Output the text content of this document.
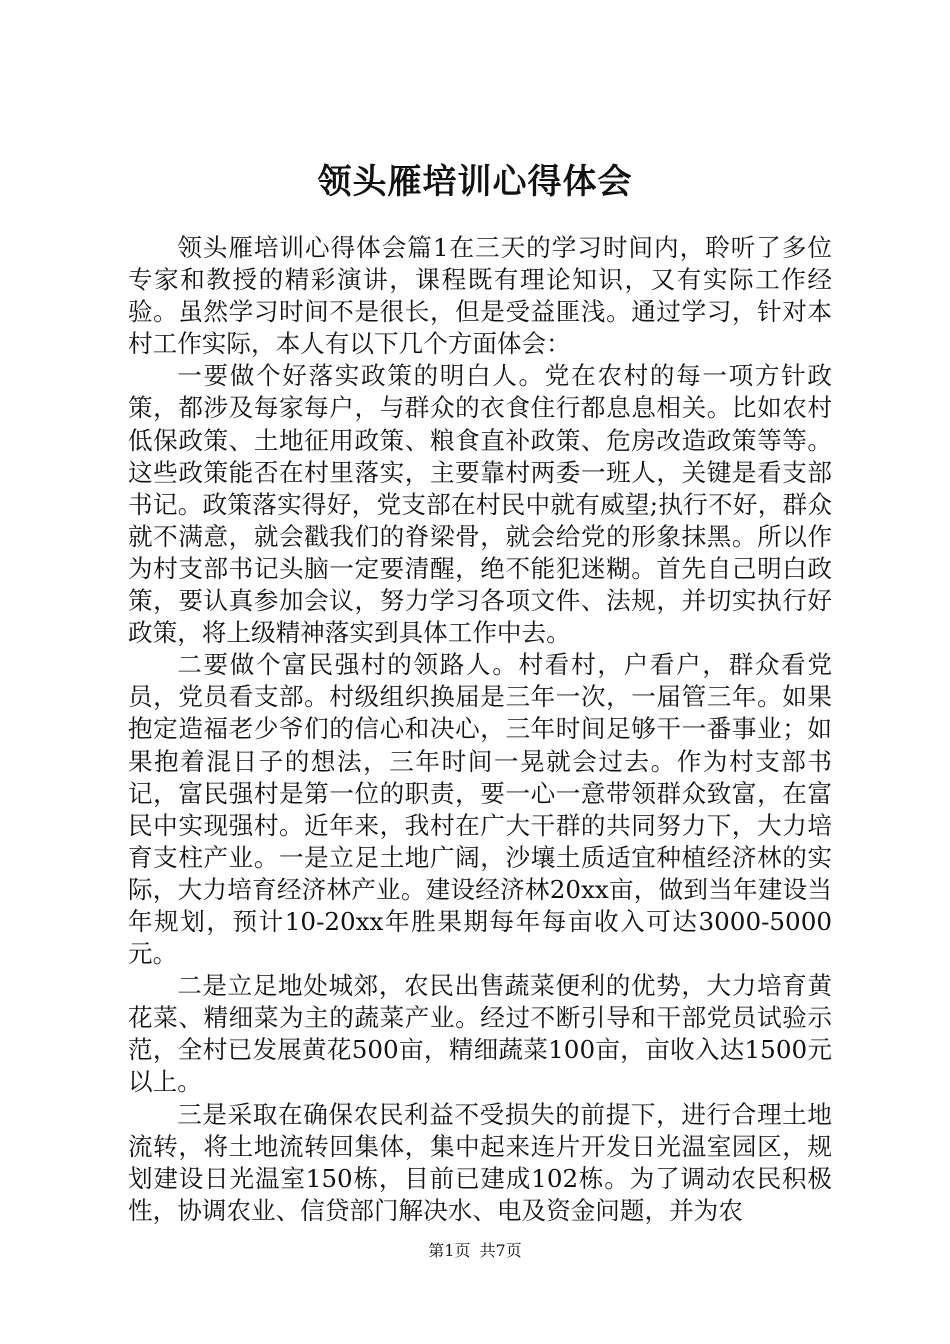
领头雁培训心得体会

领头雁培训心得体会篇1在三天的学习时间内，聆听了多位专家和教授的精彩演讲，课程既有理论知识，又有实际工作经验。虽然学习时间不是很长，但是受益匪浅。通过学习，针对本村工作实际，本人有以下几个方面体会：

一要做个好落实政策的明白人。党在农村的每一项方针政策，都涉及每家每户，与群众的衣食住行都息息相关。比如农村低保政策、土地征用政策、粮食直补政策、危房改造政策等等。这些政策能否在村里落实，主要靠村两委一班人，关键是看支部书记。政策落实得好，党支部在村民中就有威望;执行不好，群众就不满意，就会戳我们的脊梁骨，就会给党的形象抹黑。所以作为村支部书记头脑一定要清醒，绝不能犯迷糊。首先自己明白政策，要认真参加会议，努力学习各项文件、法规，并切实执行好政策，将上级精神落实到具体工作中去。

二要做个富民强村的领路人。村看村，户看户，群众看党员，党员看支部。村级组织换届是三年一次，一届管三年。如果抱定造福老少爷们的信心和决心，三年时间足够干一番事业；如果抱着混日子的想法，三年时间一晃就会过去。作为村支部书记，富民强村是第一位的职责，要一心一意带领群众致富，在富民中实现强村。近年来，我村在广大干群的共同努力下，大力培育支柱产业。一是立足土地广阔，沙壤土质适宜种植经济林的实际，大力培育经济林产业。建设经济林20xx亩，做到当年建设当年规划，预计10-20xx年胜果期每年每亩收入可达3000-5000元。

二是立足地处城郊，农民出售蔬菜便利的优势，大力培育黄花菜、精细菜为主的蔬菜产业。经过不断引导和干部党员试验示范，全村已发展黄花500亩，精细蔬菜100亩，亩收入达1500元以上。

三是采取在确保农民利益不受损失的前提下，进行合理土地流转，将土地流转回集体，集中起来连片开发日光温室园区，规划建设日光温室150栋，目前已建成102栋。为了调动农民积极性，协调农业、信贷部门解决水、电及资金问题，并为农

第1页 共7页
